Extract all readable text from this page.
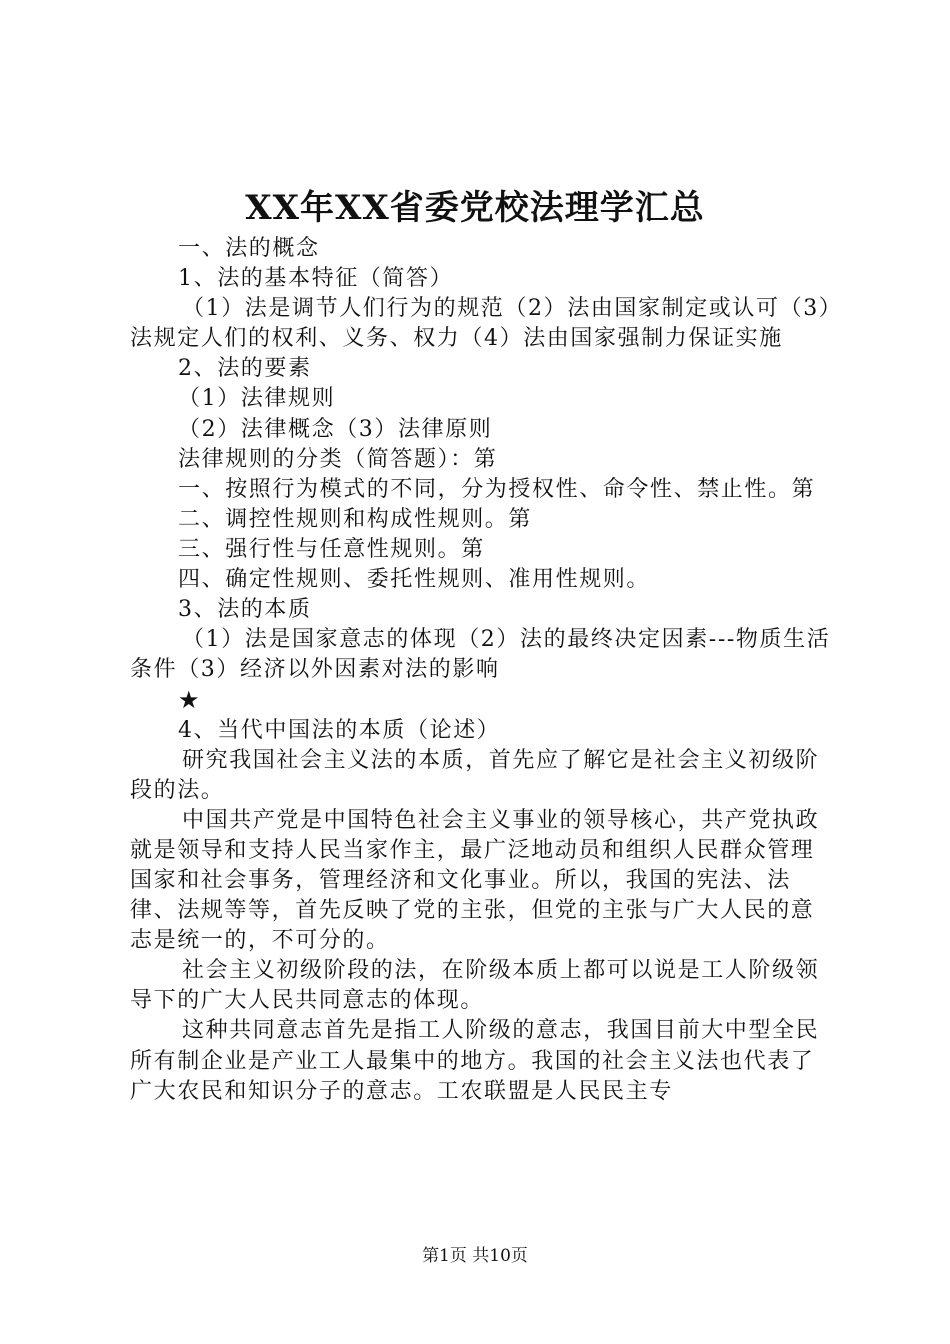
XX年XX省委党校法理学汇总

一、法的概念

1、法的基本特征（简答）

（1）法是调节人们行为的规范（2）法由国家制定或认可（3）法规定人们的权利、义务、权力（4）法由国家强制力保证实施

2、法的要素

（1）法律规则

（2）法律概念（3）法律原则

法律规则的分类（简答题）：第

一、按照行为模式的不同，分为授权性、命令性、禁止性。第

二、调控性规则和构成性规则。第

三、强行性与任意性规则。第

四、确定性规则、委托性规则、准用性规则。

3、法的本质

（1）法是国家意志的体现（2）法的最终决定因素---物质生活条件（3）经济以外因素对法的影响

★

4、当代中国法的本质（论述）

研究我国社会主义法的本质，首先应了解它是社会主义初级阶段的法。

中国共产党是中国特色社会主义事业的领导核心，共产党执政就是领导和支持人民当家作主，最广泛地动员和组织人民群众管理国家和社会事务，管理经济和文化事业。所以，我国的宪法、法律、法规等等，首先反映了党的主张，但党的主张与广大人民的意志是统一的，不可分的。

社会主义初级阶段的法，在阶级本质上都可以说是工人阶级领导下的广大人民共同意志的体现。

这种共同意志首先是指工人阶级的意志，我国目前大中型全民所有制企业是产业工人最集中的地方。我国的社会主义法也代表了广大农民和知识分子的意志。工农联盟是人民民主专

第1页 共10页
